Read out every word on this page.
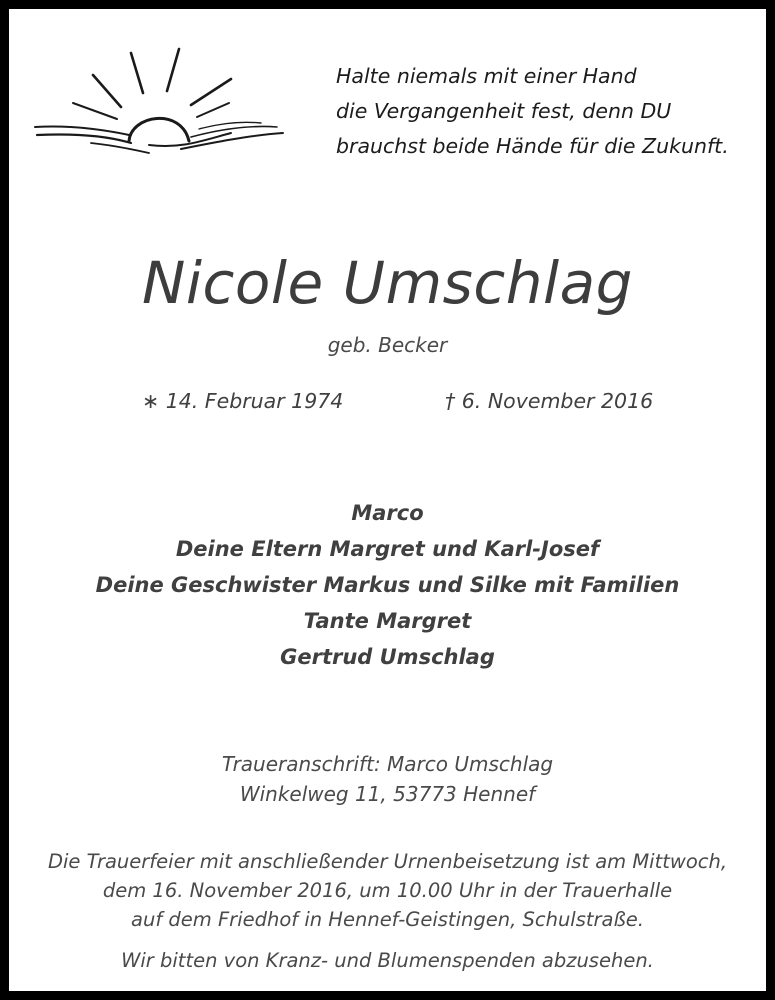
Halte niemals mit einer Hand
die Vergangenheit fest, denn DU
brauchst beide Hände für die Zukunft.
Nicole Umschlag
geb. Becker
∗ 14. Februar 1974	† 6. November 2016
Marco
Deine Eltern Margret und Karl-Josef
Deine Geschwister Markus und Silke mit Familien
Tante Margret
Gertrud Umschlag
Traueranschrift: Marco Umschlag
Winkelweg 11, 53773 Hennef
Die Trauerfeier mit anschließender Urnenbeisetzung ist am Mittwoch,
dem 16. November 2016, um 10.00 Uhr in der Trauerhalle
auf dem Friedhof in Hennef-Geistingen, Schulstraße.
Wir bitten von Kranz- und Blumenspenden abzusehen.
